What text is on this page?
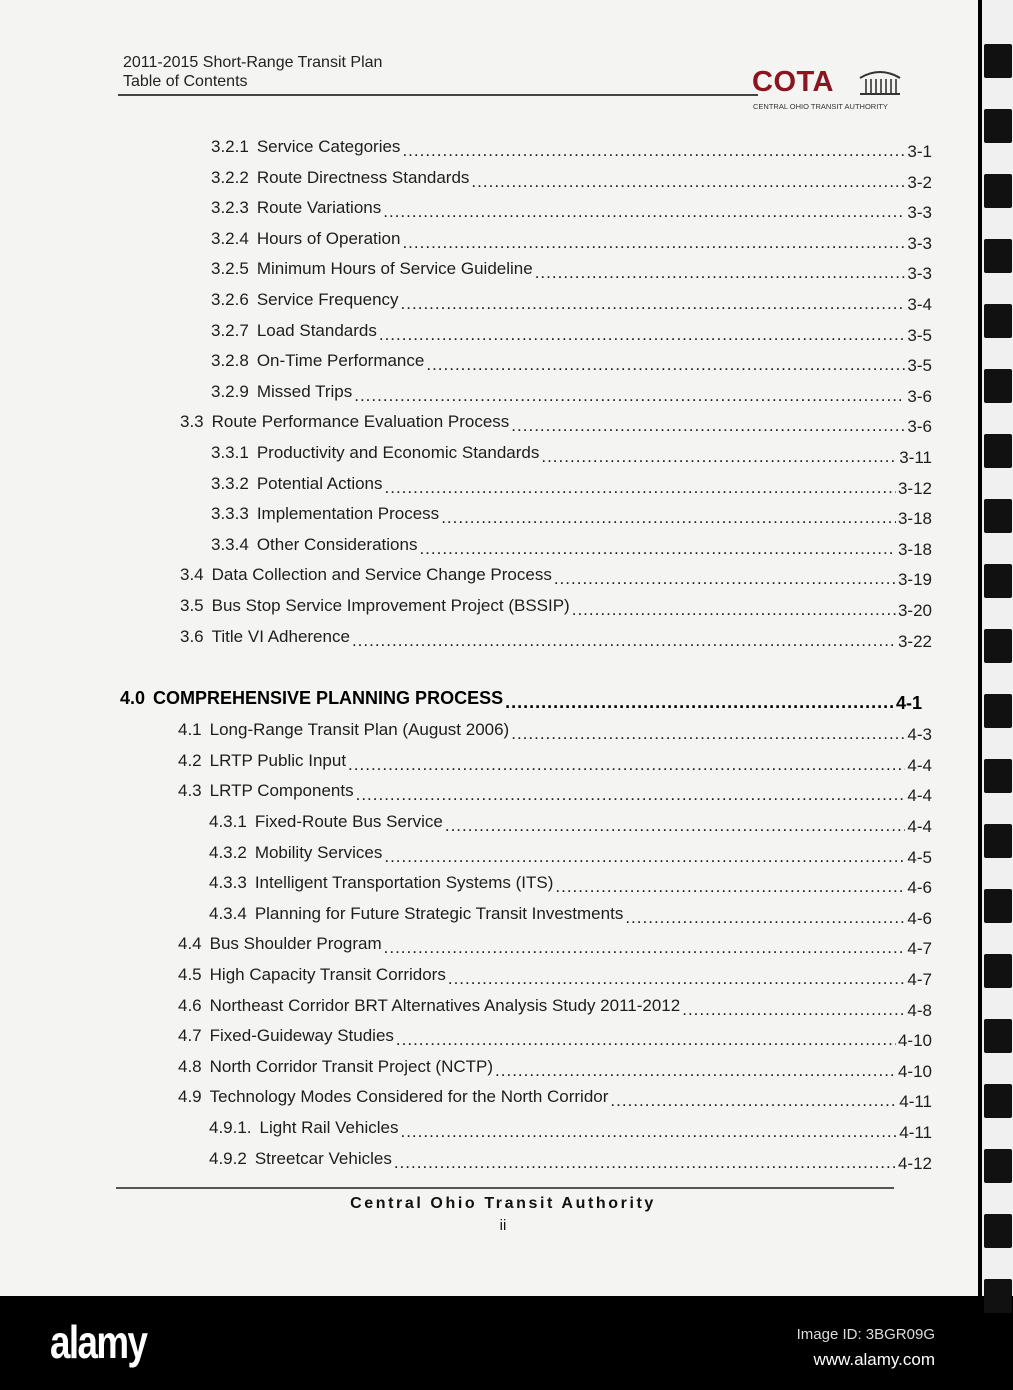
2011-2015 Short-Range Transit Plan
Table of Contents	COTA
CENTRAL OHIO TRANSIT AUTHORITY
3.2.1 Service Categories .....	3-1
3.2.2 Route Directness Standards .....	3-2
3.2.3 Route Variations .....	3-3
3.2.4 Hours of Operation .....	3-3
3.2.5 Minimum Hours of Service Guideline .....	3-3
3.2.6 Service Frequency .....	3-4
3.2.7 Load Standards .....	3-5
3.2.8 On-Time Performance .....	3-5
3.2.9 Missed Trips .....	3-6
3.3 Route Performance Evaluation Process .....	3-6
3.3.1 Productivity and Economic Standards .....	3-11
3.3.2 Potential Actions .....	3-12
3.3.3 Implementation Process .....	3-18
3.3.4 Other Considerations .....	3-18
3.4 Data Collection and Service Change Process .....	3-19
3.5 Bus Stop Service Improvement Project (BSSIP) .....	3-20
3.6 Title VI Adherence .....	3-22
4.0 COMPREHENSIVE PLANNING PROCESS .....	4-1
4.1 Long-Range Transit Plan (August 2006) .....	4-3
4.2 LRTP Public Input .....	4-4
4.3 LRTP Components .....	4-4
4.3.1 Fixed-Route Bus Service .....	4-4
4.3.2 Mobility Services .....	4-5
4.3.3 Intelligent Transportation Systems (ITS) .....	4-6
4.3.4 Planning for Future Strategic Transit Investments .....	4-6
4.4 Bus Shoulder Program .....	4-7
4.5 High Capacity Transit Corridors .....	4-7
4.6 Northeast Corridor BRT Alternatives Analysis Study 2011-2012 .....	4-8
4.7 Fixed-Guideway Studies .....	4-10
4.8 North Corridor Transit Project (NCTP) .....	4-10
4.9 Technology Modes Considered for the North Corridor .....	4-11
4.9.1. Light Rail Vehicles .....	4-11
4.9.2 Streetcar Vehicles .....	4-12
Central Ohio Transit Authority
ii
alamy	Image ID: 3BGR09G
www.alamy.com
